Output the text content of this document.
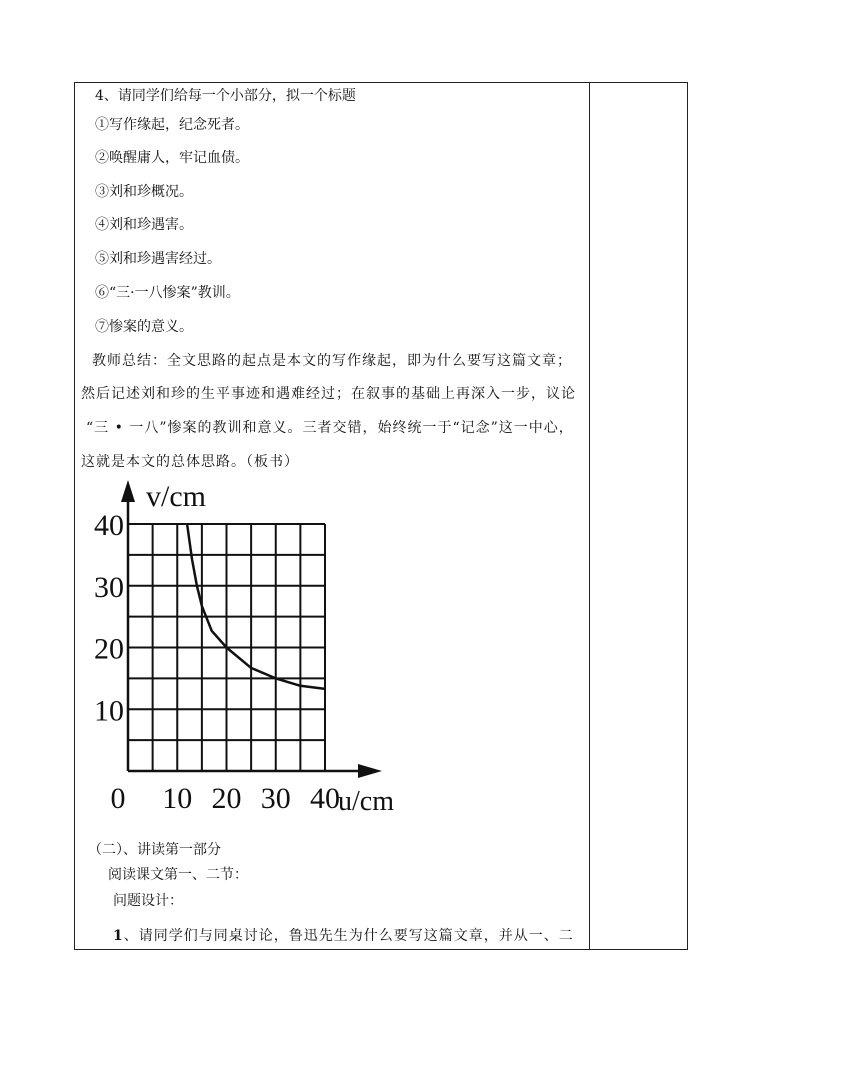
4、请同学们给每一个小部分，拟一个标题
①写作缘起，纪念死者。
②唤醒庸人，牢记血债。
③刘和珍概况。
④刘和珍遇害。
⑤刘和珍遇害经过。
⑥“三·一八惨案”教训。
⑦惨案的意义。
教师总结：全文思路的起点是本文的写作缘起，即为什么要写这篇文章；
然后记述刘和珍的生平事迹和遇难经过；在叙事的基础上再深入一步，议论
“三 • 一八”惨案的教训和意义。三者交错，始终统一于“记念”这一中心，
这就是本文的总体思路。（板书）
10
20
30
40
0 10 20 30 40
v/cm
u/cm
（二）、讲读第一部分
阅读课文第一、二节：
问题设计：
1、请同学们与同桌讨论，鲁迅先生为什么要写这篇文章，并从一、二
